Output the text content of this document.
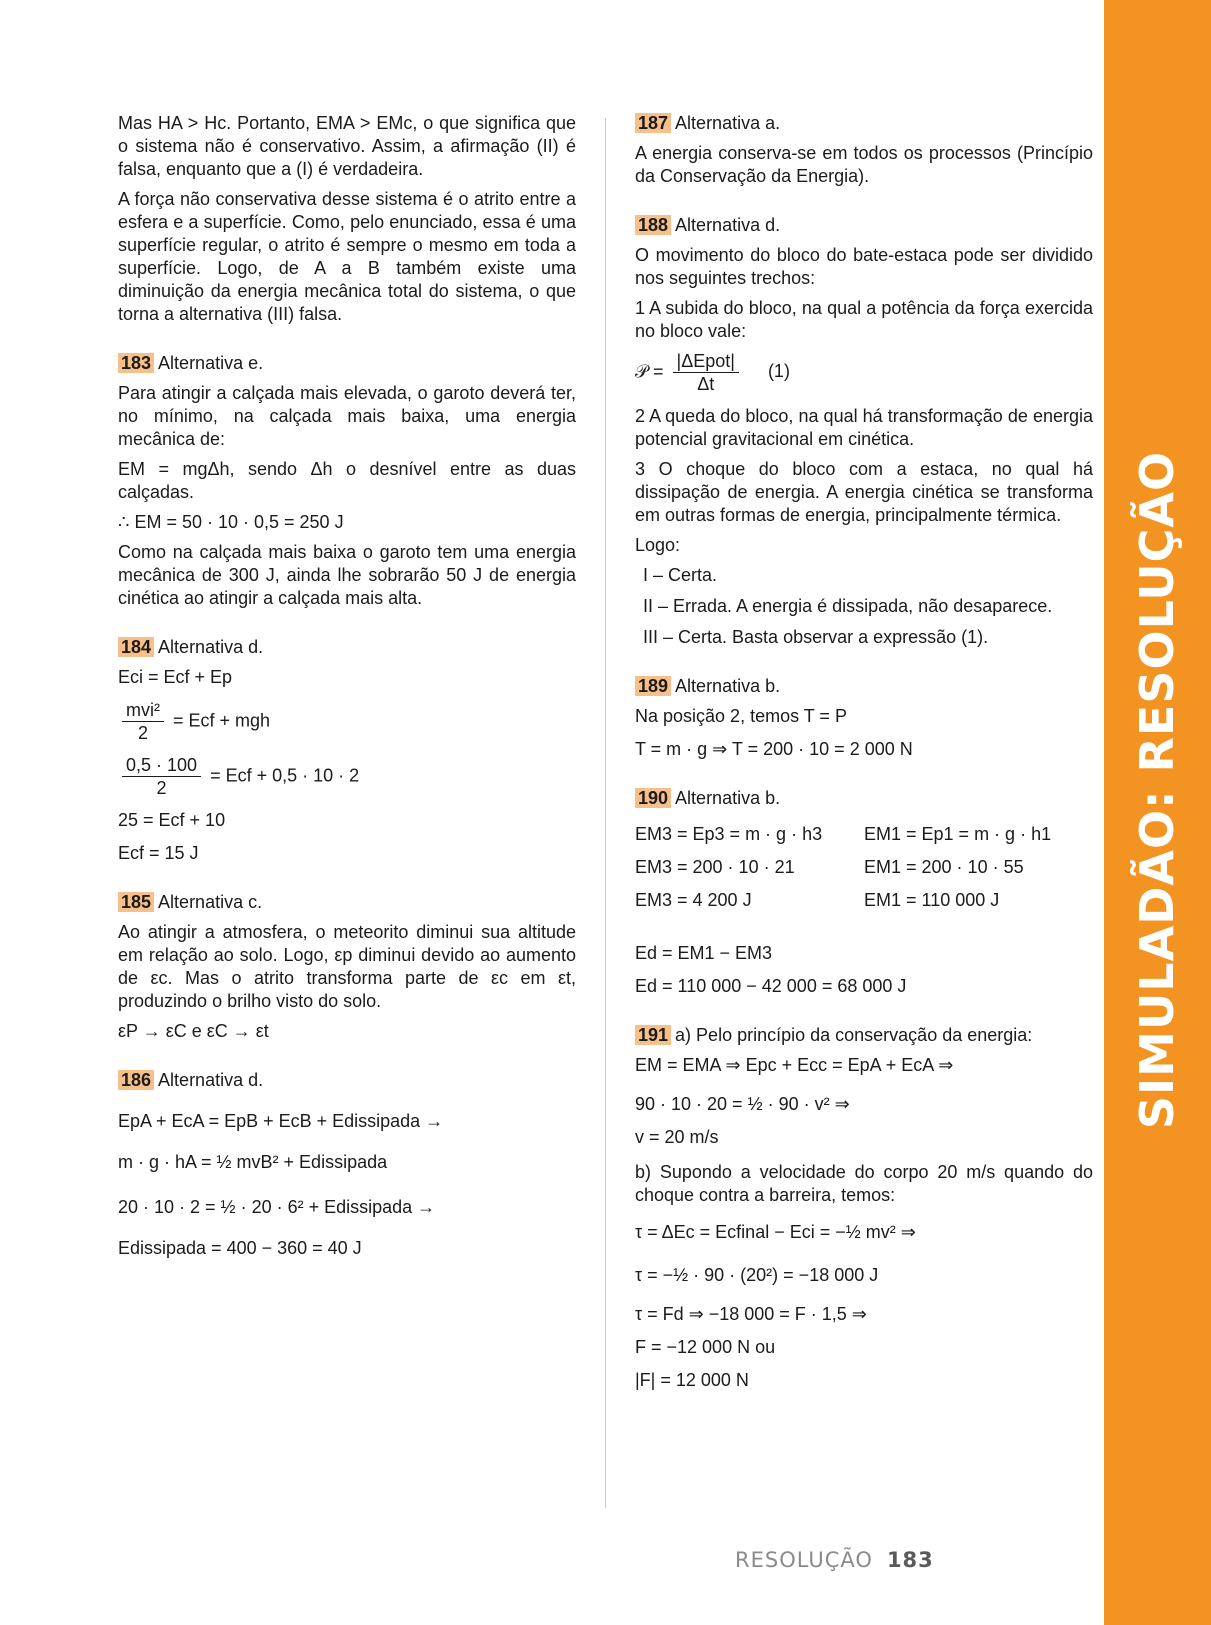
SIMULADÃO: RESOLUÇÃO

Mas HA > Hc. Portanto, EMA > EMc, o que significa que o sistema não é conservativo. Assim, a afirmação (II) é falsa, enquanto que a (I) é verdadeira.

A força não conservativa desse sistema é o atrito entre a esfera e a superfície. Como, pelo enunciado, essa é uma superfície regular, o atrito é sempre o mesmo em toda a superfície. Logo, de A a B também existe uma diminuição da energia mecânica total do sistema, o que torna a alternativa (III) falsa.

183 Alternativa e.

Para atingir a calçada mais elevada, o garoto deverá ter, no mínimo, na calçada mais baixa, uma energia mecânica de:

EM = mgΔh, sendo Δh o desnível entre as duas calçadas.

∴ EM = 50 · 10 · 0,5 = 250 J

Como na calçada mais baixa o garoto tem uma energia mecânica de 300 J, ainda lhe sobrarão 50 J de energia cinética ao atingir a calçada mais alta.

184 Alternativa d.

Eci = Ecf + Ep
$\frac{\text{mvi²}}{2}$ = Ecf + mgh
$\frac{0,5 \cdot 100}{2}$ = Ecf + 0,5 · 10 · 2
25 = Ecf + 10
Ecf = 15 J

185 Alternativa c.

Ao atingir a atmosfera, o meteorito diminui sua altitude em relação ao solo. Logo, εp diminui devido ao aumento de εc. Mas o atrito transforma parte de εc em εt, produzindo o brilho visto do solo.

εP → εC e εC → εt

186 Alternativa d.

EpA + EcA = EpB + EcB + Edissipada →
m · g · hA = ½ mvB² + Edissipada
20 · 10 · 2 = ½ · 20 · 6² + Edissipada →
Edissipada = 400 − 360 = 40 J

187 Alternativa a.

A energia conserva-se em todos os processos (Princípio da Conservação da Energia).

188 Alternativa d.

O movimento do bloco do bate-estaca pode ser dividido nos seguintes trechos:

1 A subida do bloco, na qual a potência da força exercida no bloco vale:

𝒫 = $\frac{\text{|ΔEpot|}}{\Delta t} (1)$

2 A queda do bloco, na qual há transformação de energia potencial gravitacional em cinética.

3 O choque do bloco com a estaca, no qual há dissipação de energia. A energia cinética se transforma em outras formas de energia, principalmente térmica.

Logo:

I – Certa.

II – Errada. A energia é dissipada, não desaparece.

III – Certa. Basta observar a expressão (1).

189 Alternativa b.

Na posição 2, temos T = P
T = m · g ⇒ T = 200 · 10 = 2 000 N

190 Alternativa b.

EM3 = Ep3 = m · g · h3
EM3 = 200 · 10 · 21
EM3 = 4 200 J
EM1 = Ep1 = m · g · h1
EM1 = 200 · 10 · 55
EM1 = 110 000 J
Ed = EM1 − EM3
Ed = 110 000 − 42 000 = 68 000 J

191 a) Pelo princípio da conservação da energia:

EM = EMA ⇒ Epc + Ecc = EpA + EcA ⇒
90 · 10 · 20 = ½ · 90 · v² ⇒
v = 20 m/s

b) Supondo a velocidade do corpo 20 m/s quando do choque contra a barreira, temos:

τ = ΔEc = Ecfinal − Eci = −½ mv² ⇒
τ = −½ · 90 · (20²) = −18 000 J
τ = Fd ⇒ −18 000 = F · 1,5 ⇒
F = −12 000 N ou
|F| = 12 000 N
RESOLUÇÃO 183
